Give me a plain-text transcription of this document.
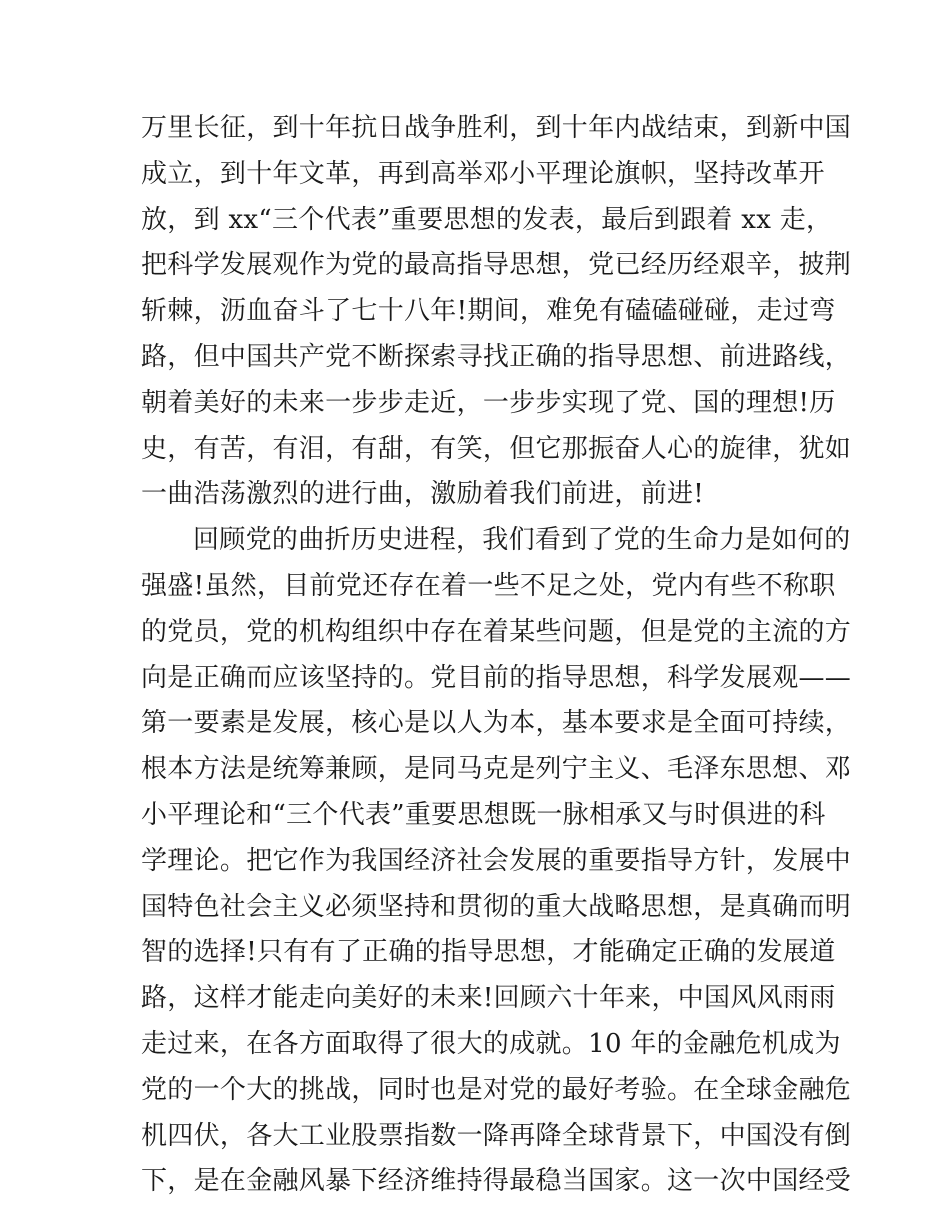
万里长征，到十年抗日战争胜利，到十年内战结束，到新中国
成立，到十年文革，再到高举邓小平理论旗帜，坚持改革开
放，到 xx“三个代表”重要思想的发表，最后到跟着 xx 走，
把科学发展观作为党的最高指导思想，党已经历经艰辛，披荆
斩棘，沥血奋斗了七十八年!期间，难免有磕磕碰碰，走过弯
路，但中国共产党不断探索寻找正确的指导思想、前进路线，
朝着美好的未来一步步走近，一步步实现了党、国的理想!历
史，有苦，有泪，有甜，有笑，但它那振奋人心的旋律，犹如
一曲浩荡激烈的进行曲，激励着我们前进，前进!
回顾党的曲折历史进程，我们看到了党的生命力是如何的
强盛!虽然，目前党还存在着一些不足之处，党内有些不称职
的党员，党的机构组织中存在着某些问题，但是党的主流的方
向是正确而应该坚持的。党目前的指导思想，科学发展观——
第一要素是发展，核心是以人为本，基本要求是全面可持续，
根本方法是统筹兼顾，是同马克是列宁主义、毛泽东思想、邓
小平理论和“三个代表”重要思想既一脉相承又与时俱进的科
学理论。把它作为我国经济社会发展的重要指导方针，发展中
国特色社会主义必须坚持和贯彻的重大战略思想，是真确而明
智的选择!只有有了正确的指导思想，才能确定正确的发展道
路，这样才能走向美好的未来!回顾六十年来，中国风风雨雨
走过来，在各方面取得了很大的成就。10 年的金融危机成为
党的一个大的挑战，同时也是对党的最好考验。在全球金融危
机四伏，各大工业股票指数一降再降全球背景下，中国没有倒
下，是在金融风暴下经济维持得最稳当国家。这一次中国经受
